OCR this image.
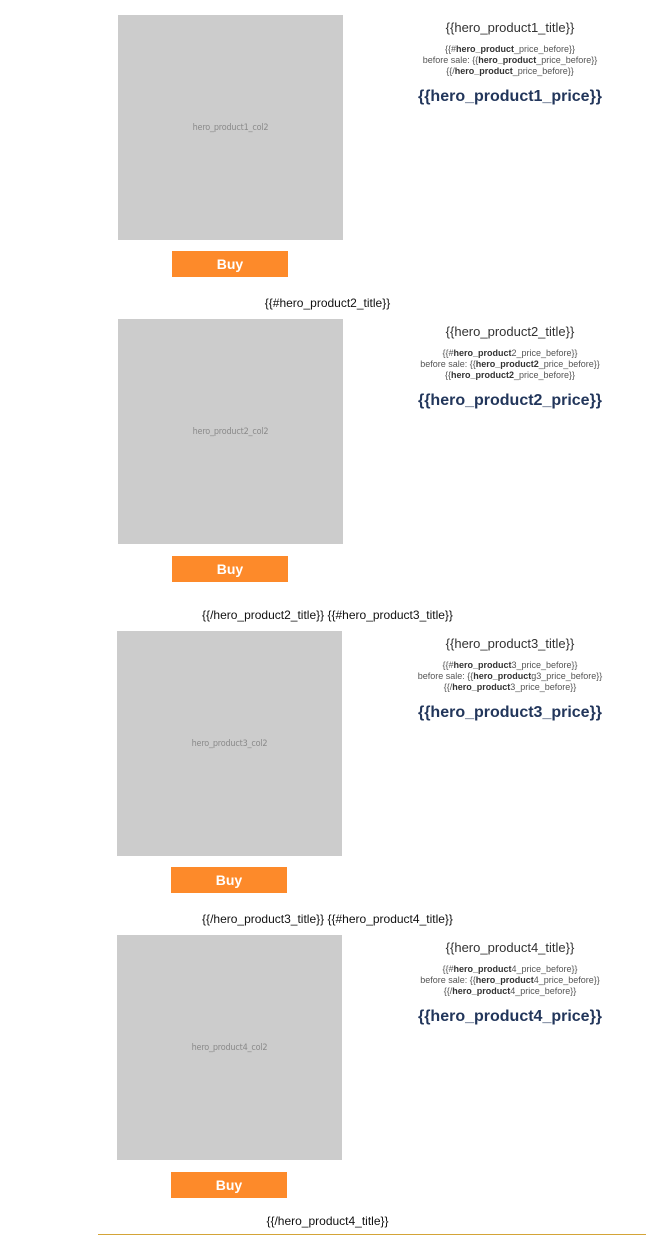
hero_product1_col2
Buy
{{hero_product1_title}}
{{#hero_product_price_before}}
before sale: {{hero_product_price_before}}
{{/hero_product_price_before}}
{{hero_product1_price}}
{{#hero_product2_title}}
hero_product2_col2
Buy
{{hero_product2_title}}
{{#hero_product2_price_before}}
before sale: {{hero_product2_price_before}}
{{hero_product2_price_before}}
{{hero_product2_price}}
{{/hero_product2_title}} {{#hero_product3_title}}
hero_product3_col2
Buy
{{hero_product3_title}}
{{#hero_product3_price_before}}
before sale: {{hero_productg3_price_before}}
{{/hero_product3_price_before}}
{{hero_product3_price}}
{{/hero_product3_title}} {{#hero_product4_title}}
hero_product4_col2
Buy
{{hero_product4_title}}
{{#hero_product4_price_before}}
before sale: {{hero_product4_price_before}}
{{/hero_product4_price_before}}
{{hero_product4_price}}
{{/hero_product4_title}}
